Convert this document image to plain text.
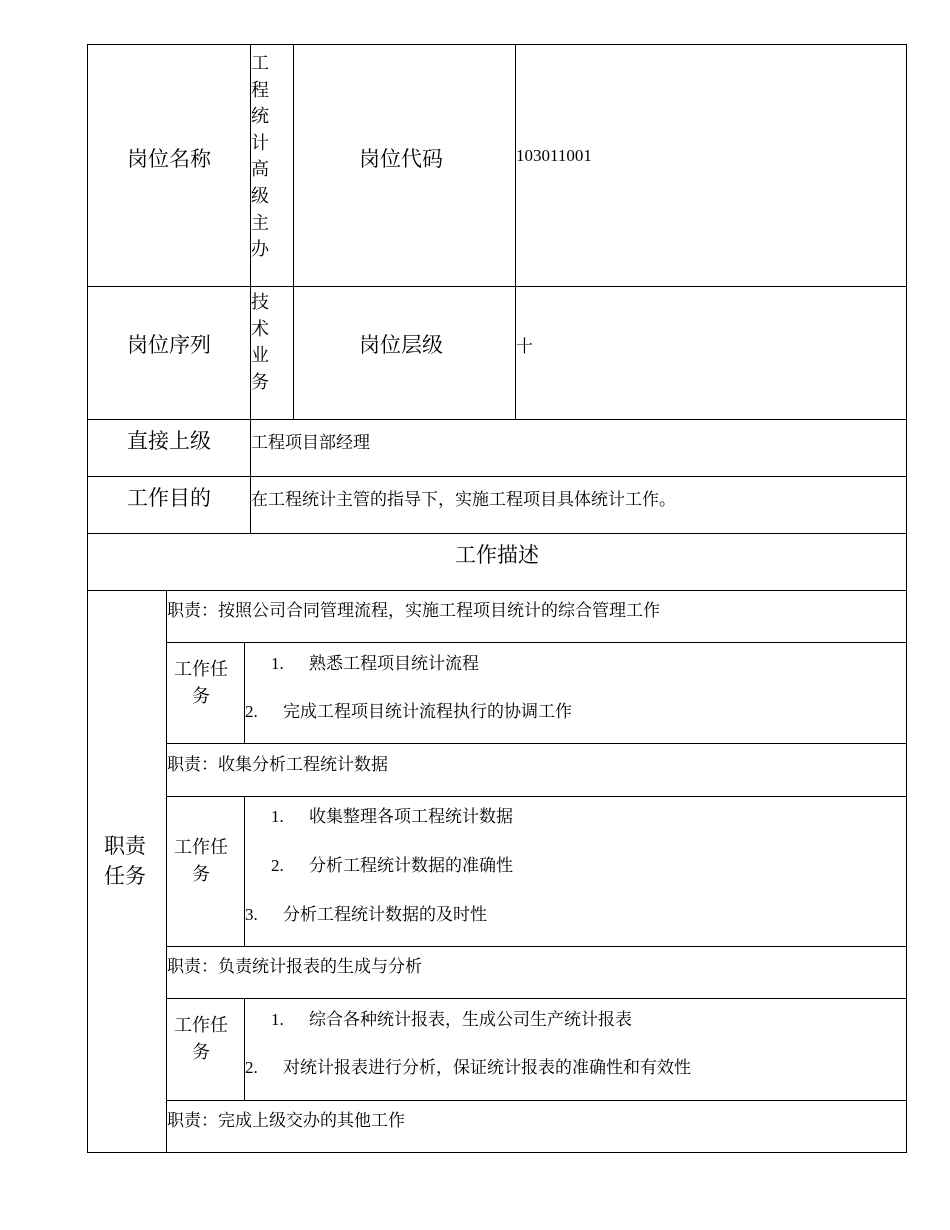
岗位名称
工程统计高级主办
岗位代码	103011001
岗位序列
技术业务
岗位层级	十
直接上级 工程项目部经理
工作目的 在工程统计主管的指导下，实施工程项目具体统计工作。
工作描述
职责任务
职责：按照公司合同管理流程，实施工程项目统计的综合管理工作
工作任务
1. 熟悉工程项目统计流程
2. 完成工程项目统计流程执行的协调工作
职责：收集分析工程统计数据
工作任务
1. 收集整理各项工程统计数据
2. 分析工程统计数据的准确性
3. 分析工程统计数据的及时性
职责：负责统计报表的生成与分析
工作任务
1. 综合各种统计报表，生成公司生产统计报表
2. 对统计报表进行分析，保证统计报表的准确性和有效性
职责：完成上级交办的其他工作
